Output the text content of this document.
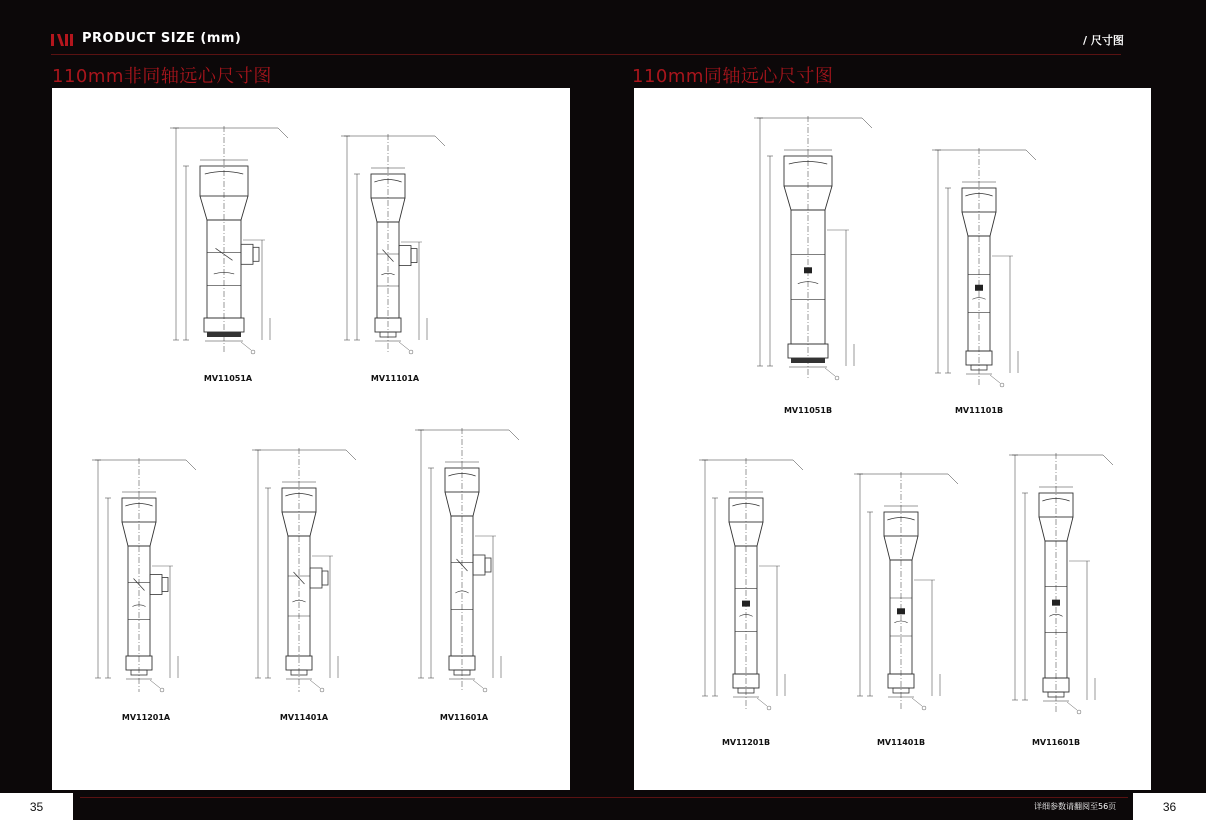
PRODUCT SIZE (mm)	/ 尺寸图
110mm非同轴远心尺寸图	110mm同轴远心尺寸图
MV11051A	MV11101A
MV11201A	MV11401A	MV11601A
MV11051B	MV11101B
MV11201B	MV11401B	MV11601B
35	36
详细参数请翻阅至56页
